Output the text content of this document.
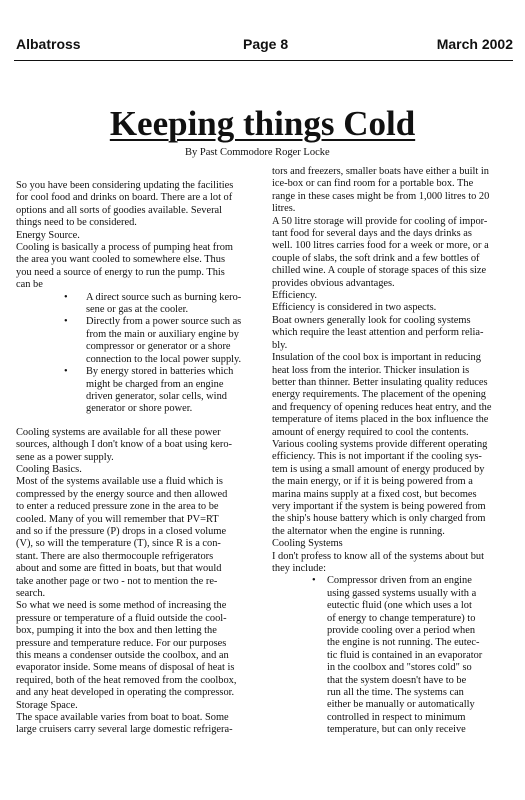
Albatross	Page 8	March 2002
Keeping things Cold
By Past Commodore Roger Locke

So you have been considering updating the facilities

for cool food and drinks on board. There are a lot of

options and all sorts of goodies available. Several

things need to be considered.

Energy Source.

Cooling is basically a process of pumping heat from

the area you want cooled to somewhere else. Thus

you need a source of energy to run the pump. This

can be

• A direct source such as burning kero-

sene or gas at the cooler.

• Directly from a power source such as

from the main or auxiliary engine by

compressor or generator or a shore

connection to the local power supply.

• By energy stored in batteries which

might be charged from an engine

driven generator, solar cells, wind

generator or shore power.

Cooling systems are available for all these power

sources, although I don't know of a boat using kero-

sene as a power supply.

Cooling Basics.

Most of the systems available use a fluid which is

compressed by the energy source and then allowed

to enter a reduced pressure zone in the area to be

cooled. Many of you will remember that PV=RT

and so if the pressure (P) drops in a closed volume

(V), so will the temperature (T), since R is a con-

stant. There are also thermocouple refrigerators

about and some are fitted in boats, but that would

take another page or two - not to mention the re-

search.

So what we need is some method of increasing the

pressure or temperature of a fluid outside the cool-

box, pumping it into the box and then letting the

pressure and temperature reduce. For our purposes

this means a condenser outside the coolbox, and an

evaporator inside. Some means of disposal of heat is

required, both of the heat removed from the coolbox,

and any heat developed in operating the compressor.

Storage Space.

The space available varies from boat to boat. Some

large cruisers carry several large domestic refrigera-

tors and freezers, smaller boats have either a built in

ice-box or can find room for a portable box. The

range in these cases might be from 1,000 litres to 20

litres.

A 50 litre storage will provide for cooling of impor-

tant food for several days and the days drinks as

well. 100 litres carries food for a week or more, or a

couple of slabs, the soft drink and a few bottles of

chilled wine. A couple of storage spaces of this size

provides obvious advantages.

Efficiency.

Efficiency is considered in two aspects.

Boat owners generally look for cooling systems

which require the least attention and perform relia-

bly.

Insulation of the cool box is important in reducing

heat loss from the interior. Thicker insulation is

better than thinner. Better insulating quality reduces

energy requirements. The placement of the opening

and frequency of opening reduces heat entry, and the

temperature of items placed in the box influence the

amount of energy required to cool the contents.

Various cooling systems provide different operating

efficiency. This is not important if the cooling sys-

tem is using a small amount of energy produced by

the main energy, or if it is being powered from a

marina mains supply at a fixed cost, but becomes

very important if the system is being powered from

the ship's house battery which is only charged from

the alternator when the engine is running.

Cooling Systems

I don't profess to know all of the systems about but

they include:

• Compressor driven from an engine

using gassed systems usually with a

eutectic fluid (one which uses a lot

of energy to change temperature) to

provide cooling over a period when

the engine is not running. The eutec-

tic fluid is contained in an evaporator

in the coolbox and "stores cold" so

that the system doesn't have to be

run all the time. The systems can

either be manually or automatically

controlled in respect to minimum

temperature, but can only receive
